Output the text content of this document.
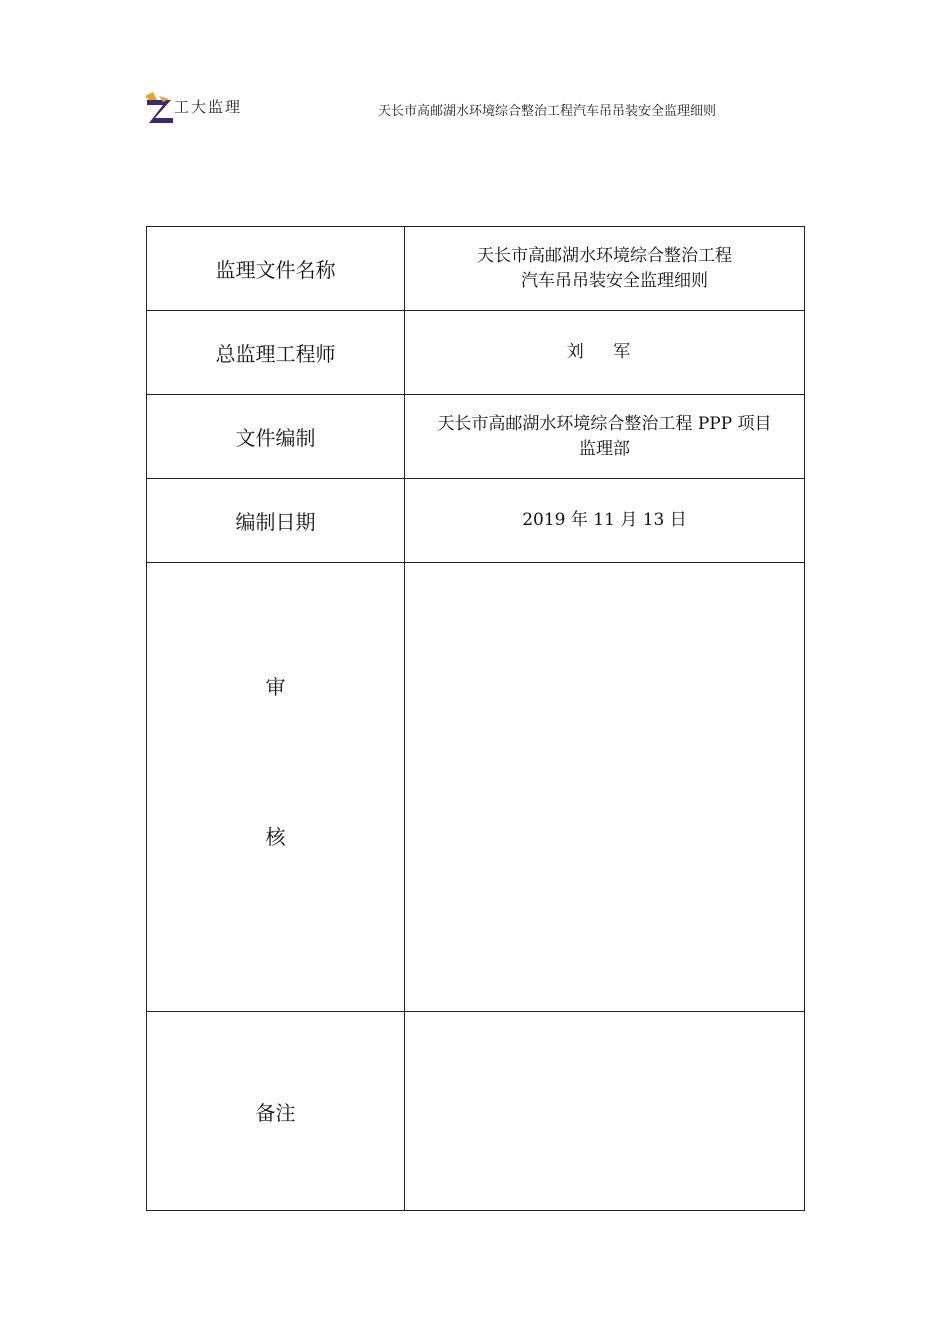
工大监理	天长市高邮湖水环境综合整治工程汽车吊吊装安全监理细则
监理文件名称	天长市高邮湖水环境综合整治工程
汽车吊吊装安全监理细则

总监理工程师	刘 军
文件编制	天长市高邮湖水环境综合整治工程 PPP 项目
监理部

编制日期	2019 年 11 月 13 日

审
核	

备注	
